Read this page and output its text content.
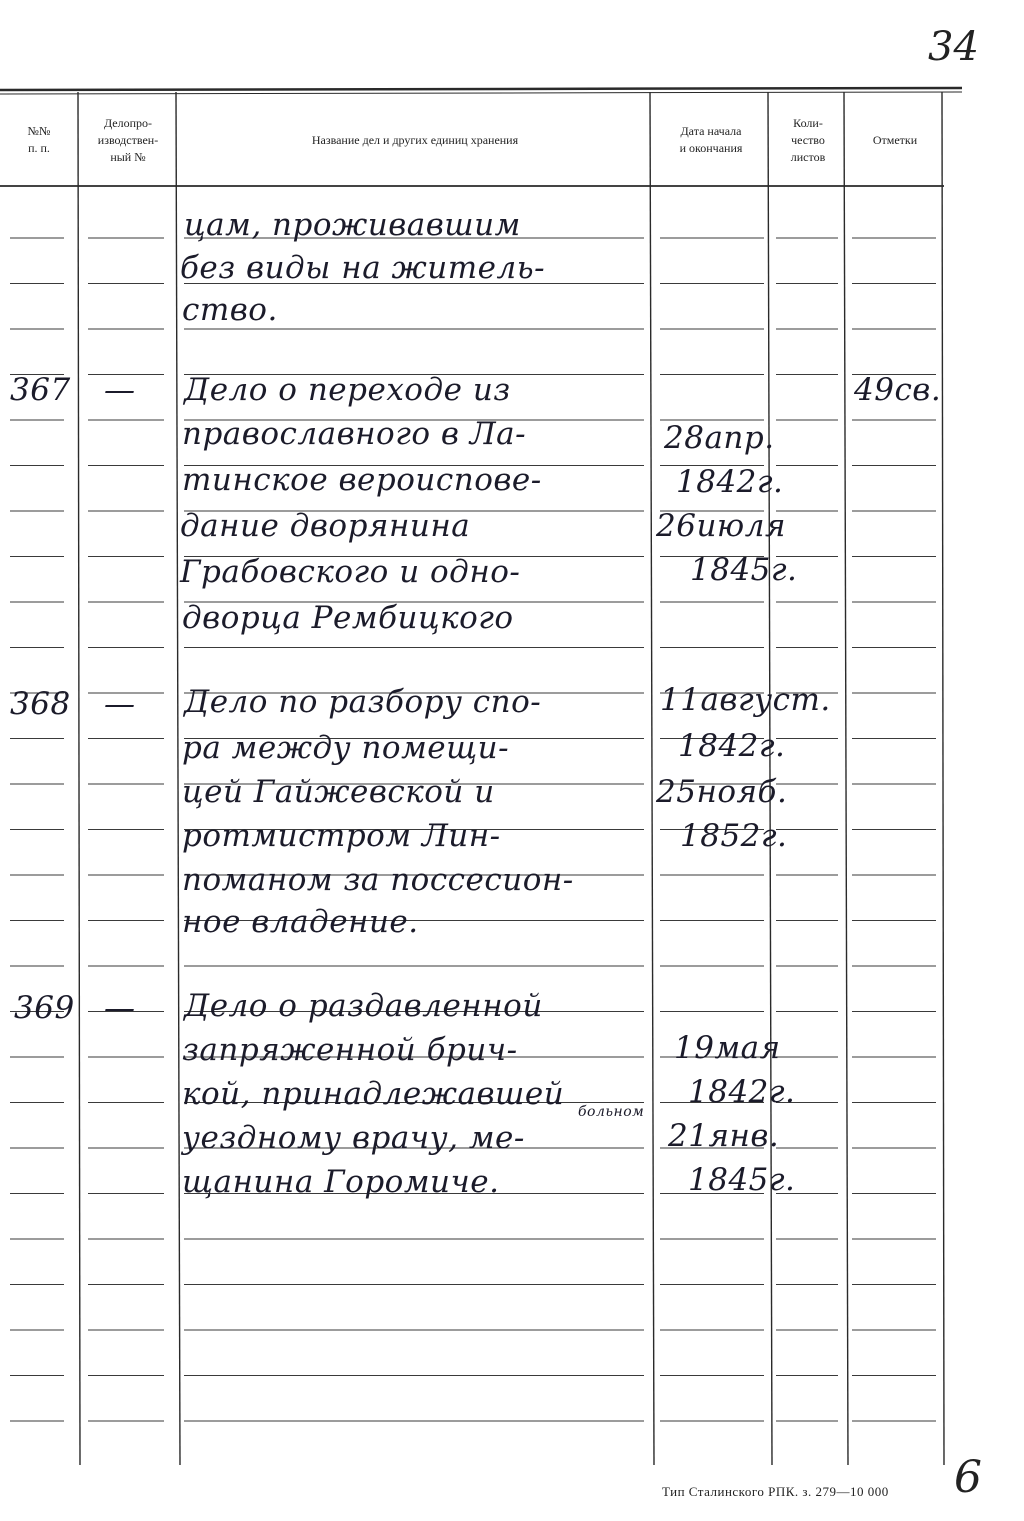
34
№№
п. п.
Делопро-
изводствен-
ный №
Название дел и других единиц хранения
Дата начала
и окончания
Коли-
чество
листов
Отметки
цам, проживавшим
без виды на житель-
ство.
367 — Дело о переходе из
православного в Ла-
тинское вероиспове-
дание дворянина
Грабовского и одно-
дворца Рембицкого
28апр.
1842г.
26июля
1845г.
49св.
368 — Дело по разбору спо-
ра между помещи-
цей Гайжевской и
ротмистром Лин-
поманом за поссесион-
ное владение.
11август.
1842г.
25нояб.
1852г.
369 — Дело о раздавленной
запряженной брич-
кой, принадлежавшей
уездному врачу, ме-
щанина Горомиче.
больном
19мая
1842г.
21янв.
1845г.
Тип Сталинского РПК. з. 279—10 000 6
